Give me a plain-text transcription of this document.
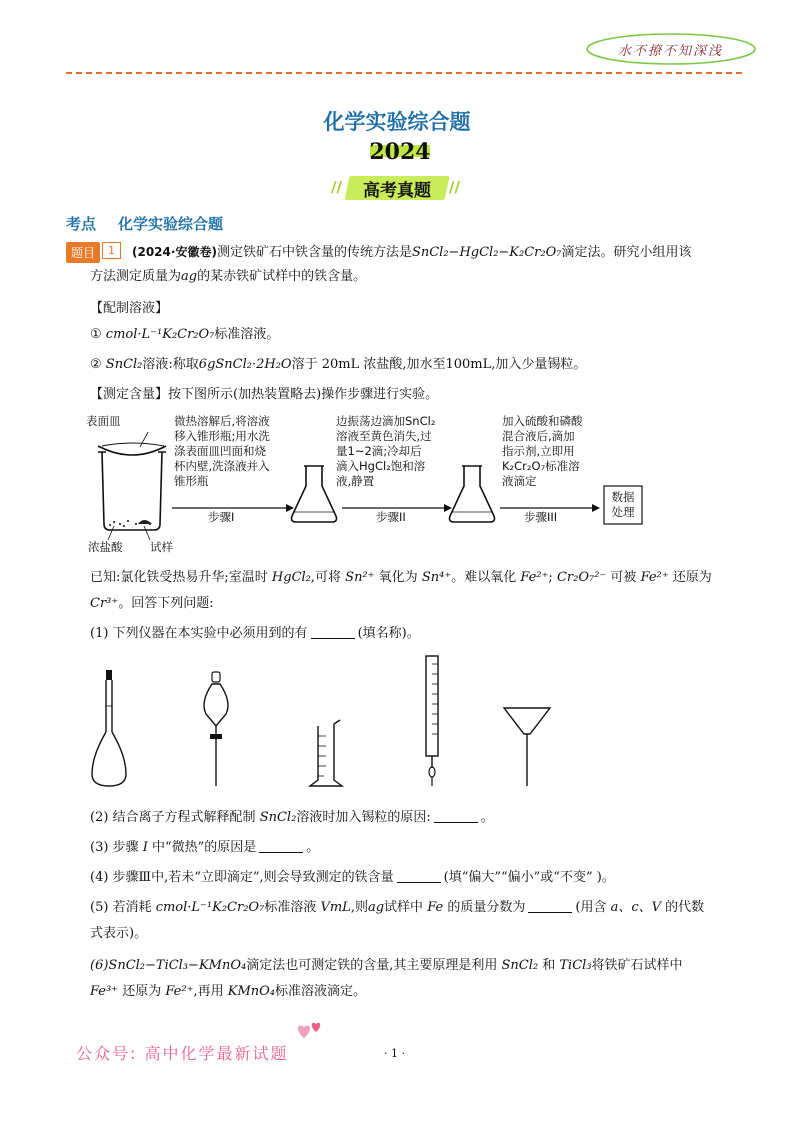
水不撩不知深浅
化学实验综合题
2024
//	//
高考真题
考点 化学实验综合题
题目 1	(2024·安徽卷)测定铁矿石中铁含量的传统方法是SnCl₂−HgCl₂−K₂Cr₂O₇滴定法。研究小组用该
方法测定质量为ag的某赤铁矿试样中的铁含量。
【配制溶液】
① cmol·L⁻¹K₂Cr₂O₇标准溶液。
② SnCl₂溶液:称取6gSnCl₂·2H₂O溶于 20mL 浓盐酸,加水至100mL,加入少量锡粒。
【测定含量】按下图所示(加热装置略去)操作步骤进行实验。
表面皿
浓盐酸 试样
微热溶解后,将溶液
移入锥形瓶;用水洗
涤表面皿凹面和烧
杯内壁,洗涤液并入
锥形瓶
步骤I
边振荡边滴加SnCl₂
溶液至黄色消失,过
量1~2滴;冷却后
滴入HgCl₂饱和溶
液,静置
步骤II
加入硫酸和磷酸
混合液后,滴加
指示剂,立即用
K₂Cr₂O₇标准溶
液滴定
步骤III
数据
处理
已知:氯化铁受热易升华;室温时 HgCl₂,可将 Sn²⁺ 氧化为 Sn⁴⁺。难以氧化 Fe²⁺; Cr₂O₇²⁻ 可被 Fe²⁺ 还原为
Cr³⁺。回答下列问题:
(1) 下列仪器在本实验中必须用到的有	(填名称)。
(2) 结合离子方程式解释配制 SnCl₂溶液时加入锡粒的原因:	。
(3) 步骤 I 中“微热”的原因是	。
(4) 步骤Ⅲ中,若未“立即滴定”,则会导致测定的铁含量	(填“偏大”“偏小”或“不变” )。
(5) 若消耗 cmol·L⁻¹K₂Cr₂O₇标准溶液 VmL,则ag试样中 Fe 的质量分数为	(用含 a、c、V 的代数
式表示)。
(6)SnCl₂−TiCl₃−KMnO₄滴定法也可测定铁的含量,其主要原理是利用 SnCl₂ 和 TiCl₃将铁矿石试样中
Fe³⁺ 还原为 Fe²⁺,再用 KMnO₄标准溶液滴定。
公众号: 高中化学最新试题	· 1 ·
